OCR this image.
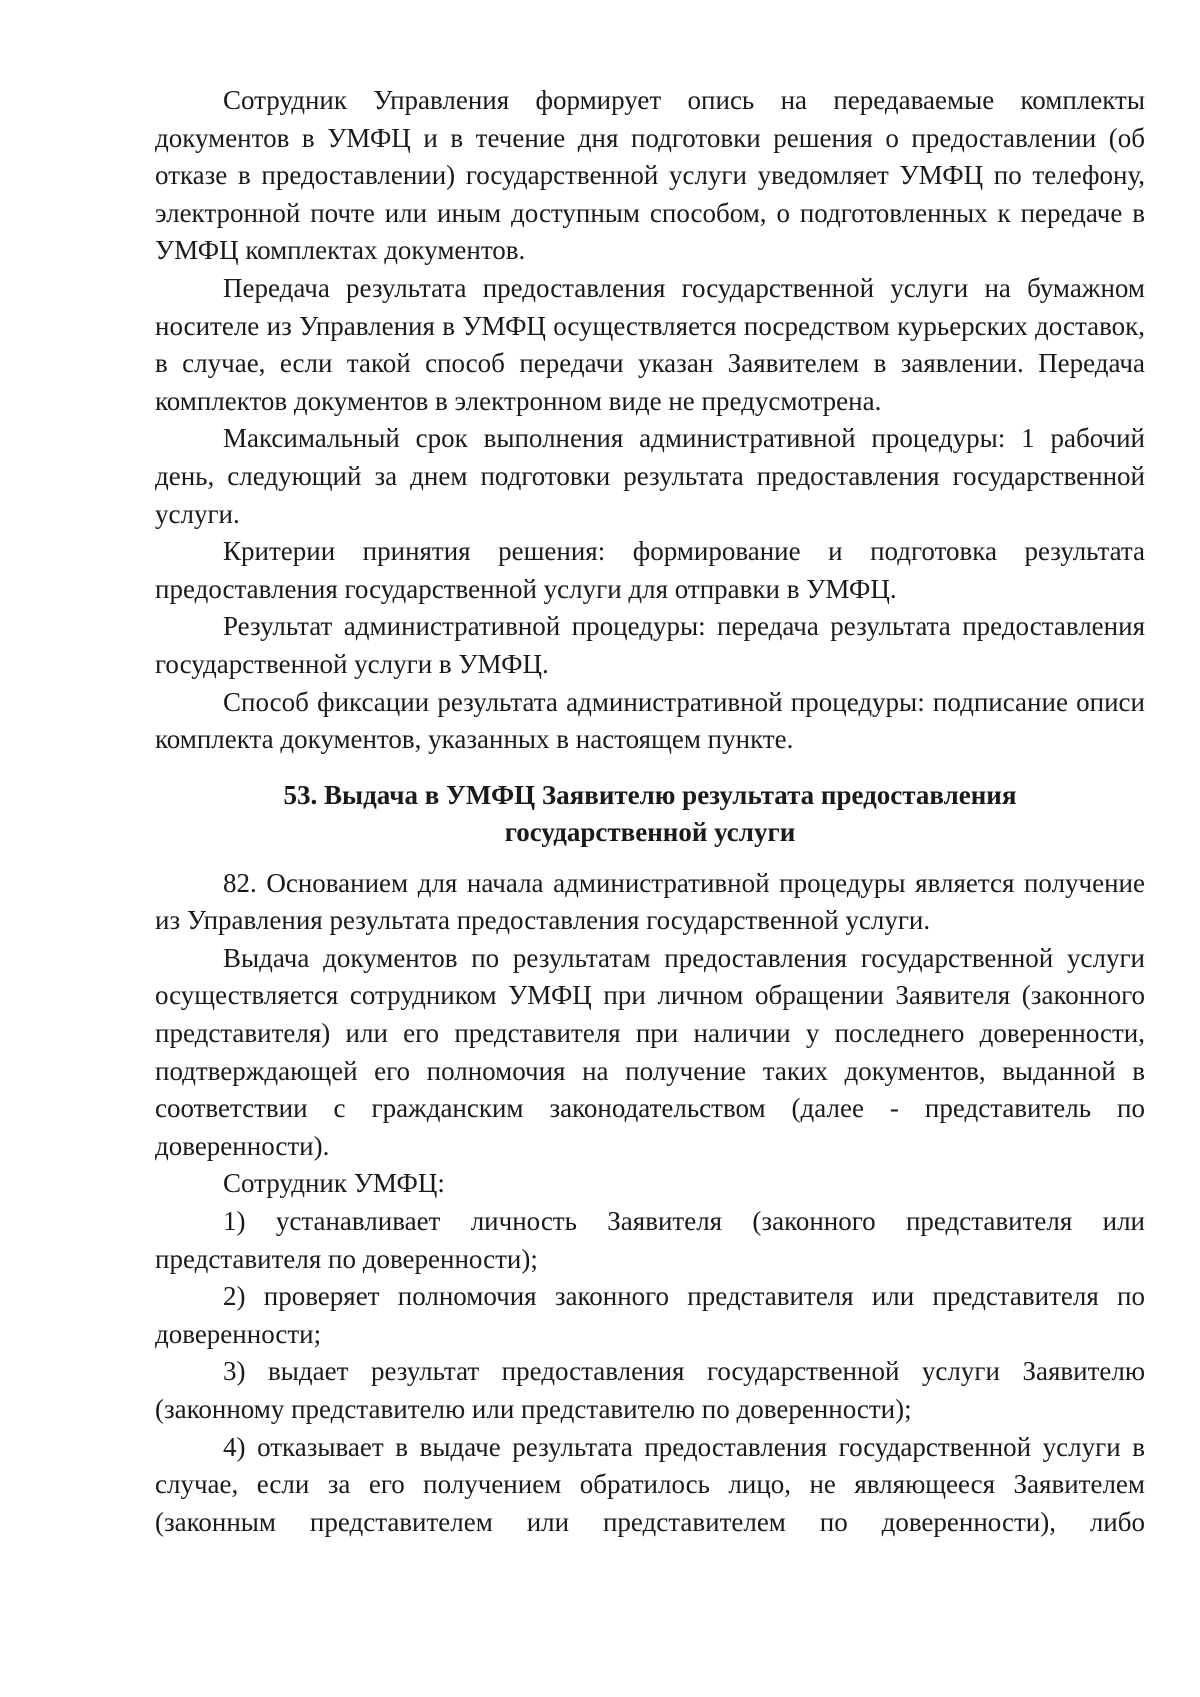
Сотрудник Управления формирует опись на передаваемые комплекты документов в УМФЦ и в течение дня подготовки решения о предоставлении (об отказе в предоставлении) государственной услуги уведомляет УМФЦ по телефону, электронной почте или иным доступным способом, о подготовленных к передаче в УМФЦ комплектах документов.

Передача результата предоставления государственной услуги на бумажном носителе из Управления в УМФЦ осуществляется посредством курьерских доставок, в случае, если такой способ передачи указан Заявителем в заявлении. Передача комплектов документов в электронном виде не предусмотрена.

Максимальный срок выполнения административной процедуры: 1 рабочий день, следующий за днем подготовки результата предоставления государственной услуги.

Критерии принятия решения: формирование и подготовка результата предоставления государственной услуги для отправки в УМФЦ.

Результат административной процедуры: передача результата предоставления государственной услуги в УМФЦ.

Способ фиксации результата административной процедуры: подписание описи комплекта документов, указанных в настоящем пункте.

53. Выдача в УМФЦ Заявителю результата предоставления
государственной услуги

82. Основанием для начала административной процедуры является получение из Управления результата предоставления государственной услуги.

Выдача документов по результатам предоставления государственной услуги осуществляется сотрудником УМФЦ при личном обращении Заявителя (законного представителя) или его представителя при наличии у последнего доверенности, подтверждающей его полномочия на получение таких документов, выданной в соответствии с гражданским законодательством (далее - представитель по доверенности).

Сотрудник УМФЦ:

1) устанавливает личность Заявителя (законного представителя или представителя по доверенности);

2) проверяет полномочия законного представителя или представителя по доверенности;

3) выдает результат предоставления государственной услуги Заявителю (законному представителю или представителю по доверенности);

4) отказывает в выдаче результата предоставления государственной услуги в случае, если за его получением обратилось лицо, не являющееся Заявителем (законным представителем или представителем по доверенности), либо
